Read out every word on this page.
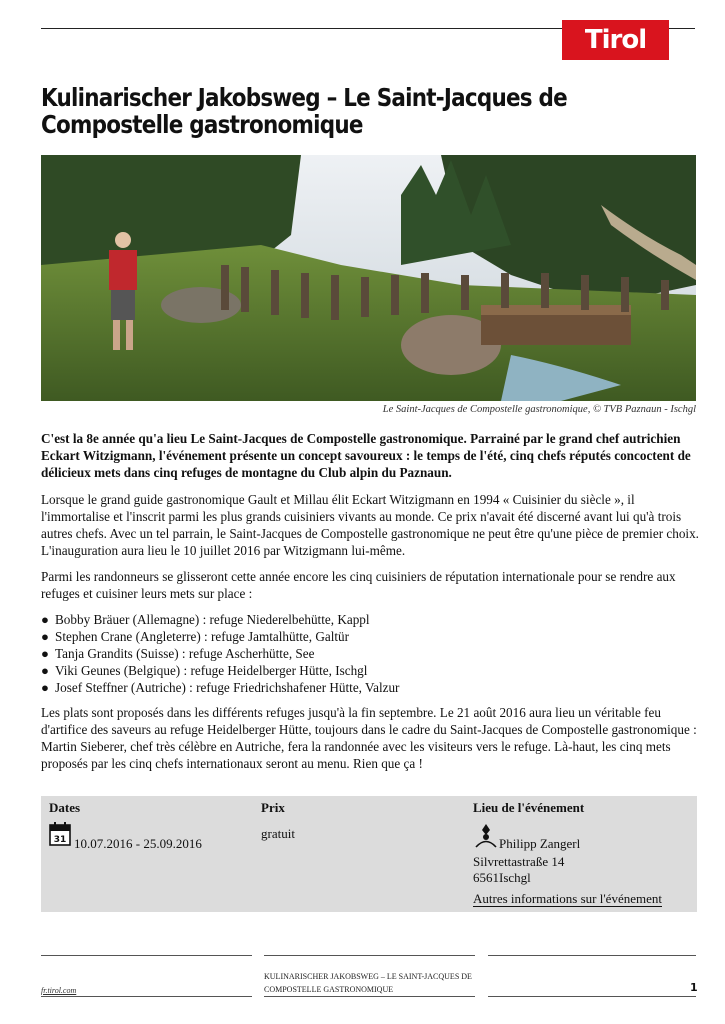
Tirol
Kulinarischer Jakobsweg – Le Saint-Jacques de Compostelle gastronomique
Le Saint-Jacques de Compostelle gastronomique, © TVB Paznaun - Ischgl

C'est la 8e année qu'a lieu Le Saint-Jacques de Compostelle gastronomique. Parrainé par le grand chef autrichien Eckart Witzigmann, l'événement présente un concept savoureux : le temps de l'été, cinq chefs réputés concoctent de délicieux mets dans cinq refuges de montagne du Club alpin du Paznaun.

Lorsque le grand guide gastronomique Gault et Millau élit Eckart Witzigmann en 1994 « Cuisinier du siècle », il l'immortalise et l'inscrit parmi les plus grands cuisiniers vivants au monde. Ce prix n'avait été discerné avant lui qu'à trois autres chefs. Avec un tel parrain, le Saint-Jacques de Compostelle gastronomique ne peut être qu'une pièce de premier choix. L'inauguration aura lieu le 10 juillet 2016 par Witzigmann lui-même.

Parmi les randonneurs se glisseront cette année encore les cinq cuisiniers de réputation internationale pour se rendre aux refuges et cuisiner leurs mets sur place :

● Bobby Bräuer (Allemagne) : refuge Niederelbehütte, Kappl
● Stephen Crane (Angleterre) : refuge Jamtalhütte, Galtür
● Tanja Grandits (Suisse) : refuge Ascherhütte, See
● Viki Geunes (Belgique) : refuge Heidelberger Hütte, Ischgl
● Josef Steffner (Autriche) : refuge Friedrichshafener Hütte, Valzur

Les plats sont proposés dans les différents refuges jusqu'à la fin septembre. Le 21 août 2016 aura lieu un véritable feu d'artifice des saveurs au refuge Heidelberger Hütte, toujours dans le cadre du Saint-Jacques de Compostelle gastronomique : Martin Sieberer, chef très célèbre en Autriche, fera la randonnée avec les visiteurs vers le refuge. Là-haut, les cinq mets proposés par les cinq chefs internationaux seront au menu. Rien que ça !

Dates
31 10.07.2016 - 25.09.2016
Prix
gratuit
Lieu de l'événement
Philipp Zangerl
Silvrettastraße 14
6561Ischgl
Autres informations sur l'événement
fr.tirol.com
KULINARISCHER JAKOBSWEG – LE SAINT-JACQUES DE COMPOSTELLE GASTRONOMIQUE	1
